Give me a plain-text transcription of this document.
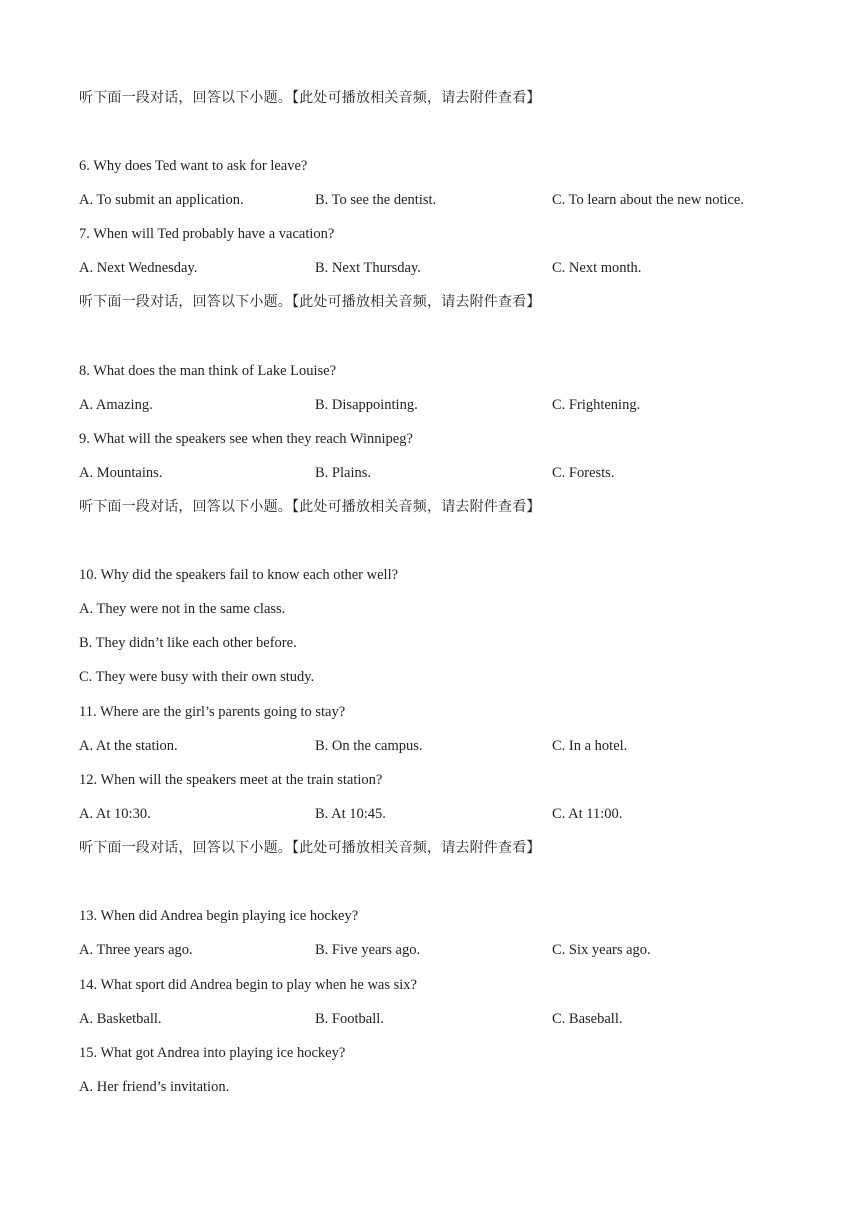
听下面一段对话，回答以下小题。【此处可播放相关音频，请去附件查看】
6. Why does Ted want to ask for leave?
A. To submit an application.	B. To see the dentist.	C. To learn about the new notice.
7. When will Ted probably have a vacation?
A. Next Wednesday.	B. Next Thursday.	C. Next month.
听下面一段对话，回答以下小题。【此处可播放相关音频，请去附件查看】
8. What does the man think of Lake Louise?
A. Amazing.	B. Disappointing.	C. Frightening.
9. What will the speakers see when they reach Winnipeg?
A. Mountains.	B. Plains.	C. Forests.
听下面一段对话，回答以下小题。【此处可播放相关音频，请去附件查看】
10. Why did the speakers fail to know each other well?
A. They were not in the same class.
B. They didn’t like each other before.
C. They were busy with their own study.
11. Where are the girl’s parents going to stay?
A. At the station.	B. On the campus.	C. In a hotel.
12. When will the speakers meet at the train station?
A. At 10:30.	B. At 10:45.	C. At 11:00.
听下面一段对话，回答以下小题。【此处可播放相关音频，请去附件查看】
13. When did Andrea begin playing ice hockey?
A. Three years ago.	B. Five years ago.	C. Six years ago.
14. What sport did Andrea begin to play when he was six?
A. Basketball.	B. Football.	C. Baseball.
15. What got Andrea into playing ice hockey?
A. Her friend’s invitation.
